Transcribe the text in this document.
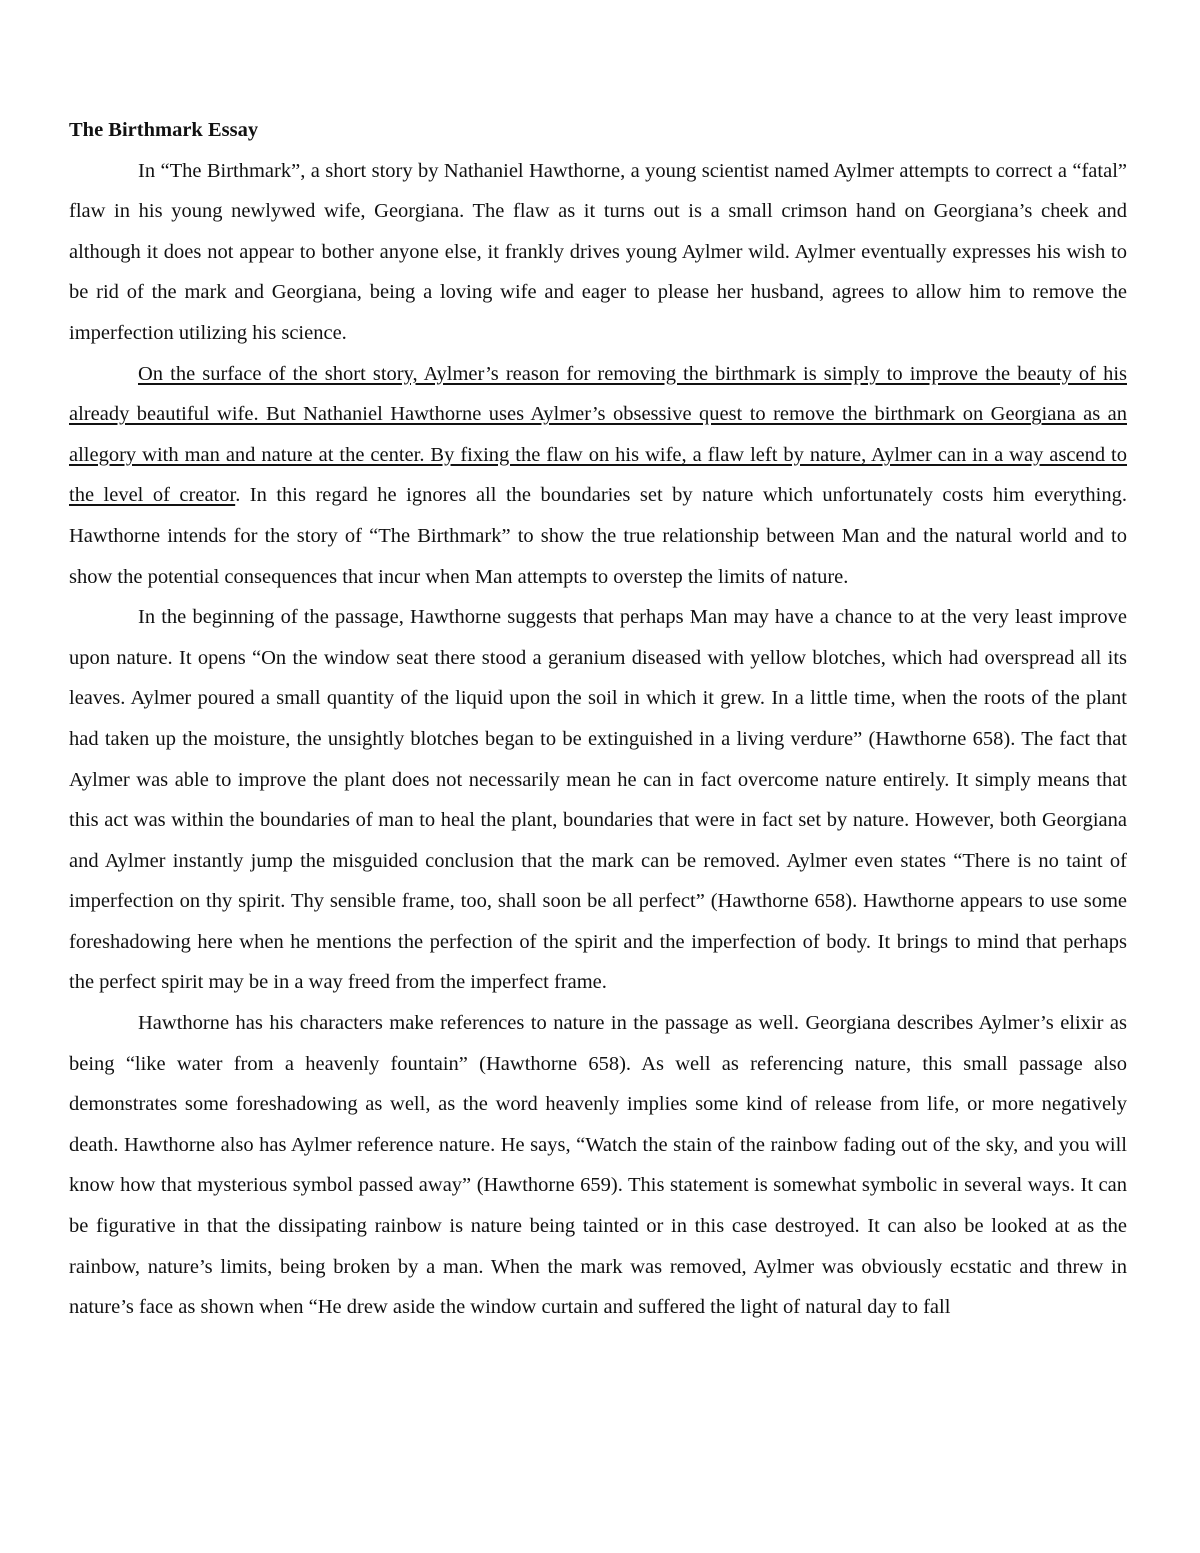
The Birthmark Essay

In “The Birthmark”, a short story by Nathaniel Hawthorne, a young scientist named Aylmer attempts to correct a “fatal” flaw in his young newlywed wife, Georgiana. The flaw as it turns out is a small crimson hand on Georgiana’s cheek and although it does not appear to bother anyone else, it frankly drives young Aylmer wild. Aylmer eventually expresses his wish to be rid of the mark and Georgiana, being a loving wife and eager to please her husband, agrees to allow him to remove the imperfection utilizing his science.

On the surface of the short story, Aylmer’s reason for removing the birthmark is simply to improve the beauty of his already beautiful wife. But Nathaniel Hawthorne uses Aylmer’s obsessive quest to remove the birthmark on Georgiana as an allegory with man and nature at the center. By fixing the flaw on his wife, a flaw left by nature, Aylmer can in a way ascend to the level of creator. In this regard he ignores all the boundaries set by nature which unfortunately costs him everything. Hawthorne intends for the story of “The Birthmark” to show the true relationship between Man and the natural world and to show the potential consequences that incur when Man attempts to overstep the limits of nature.

In the beginning of the passage, Hawthorne suggests that perhaps Man may have a chance to at the very least improve upon nature. It opens “On the window seat there stood a geranium diseased with yellow blotches, which had overspread all its leaves. Aylmer poured a small quantity of the liquid upon the soil in which it grew. In a little time, when the roots of the plant had taken up the moisture, the unsightly blotches began to be extinguished in a living verdure” (Hawthorne 658). The fact that Aylmer was able to improve the plant does not necessarily mean he can in fact overcome nature entirely. It simply means that this act was within the boundaries of man to heal the plant, boundaries that were in fact set by nature. However, both Georgiana and Aylmer instantly jump the misguided conclusion that the mark can be removed. Aylmer even states “There is no taint of imperfection on thy spirit. Thy sensible frame, too, shall soon be all perfect” (Hawthorne 658). Hawthorne appears to use some foreshadowing here when he mentions the perfection of the spirit and the imperfection of body. It brings to mind that perhaps the perfect spirit may be in a way freed from the imperfect frame.

Hawthorne has his characters make references to nature in the passage as well. Georgiana describes Aylmer’s elixir as being “like water from a heavenly fountain” (Hawthorne 658). As well as referencing nature, this small passage also demonstrates some foreshadowing as well, as the word heavenly implies some kind of release from life, or more negatively death. Hawthorne also has Aylmer reference nature. He says, “Watch the stain of the rainbow fading out of the sky, and you will know how that mysterious symbol passed away” (Hawthorne 659). This statement is somewhat symbolic in several ways. It can be figurative in that the dissipating rainbow is nature being tainted or in this case destroyed. It can also be looked at as the rainbow, nature’s limits, being broken by a man. When the mark was removed, Aylmer was obviously ecstatic and threw in nature’s face as shown when “He drew aside the window curtain and suffered the light of natural day to fall
